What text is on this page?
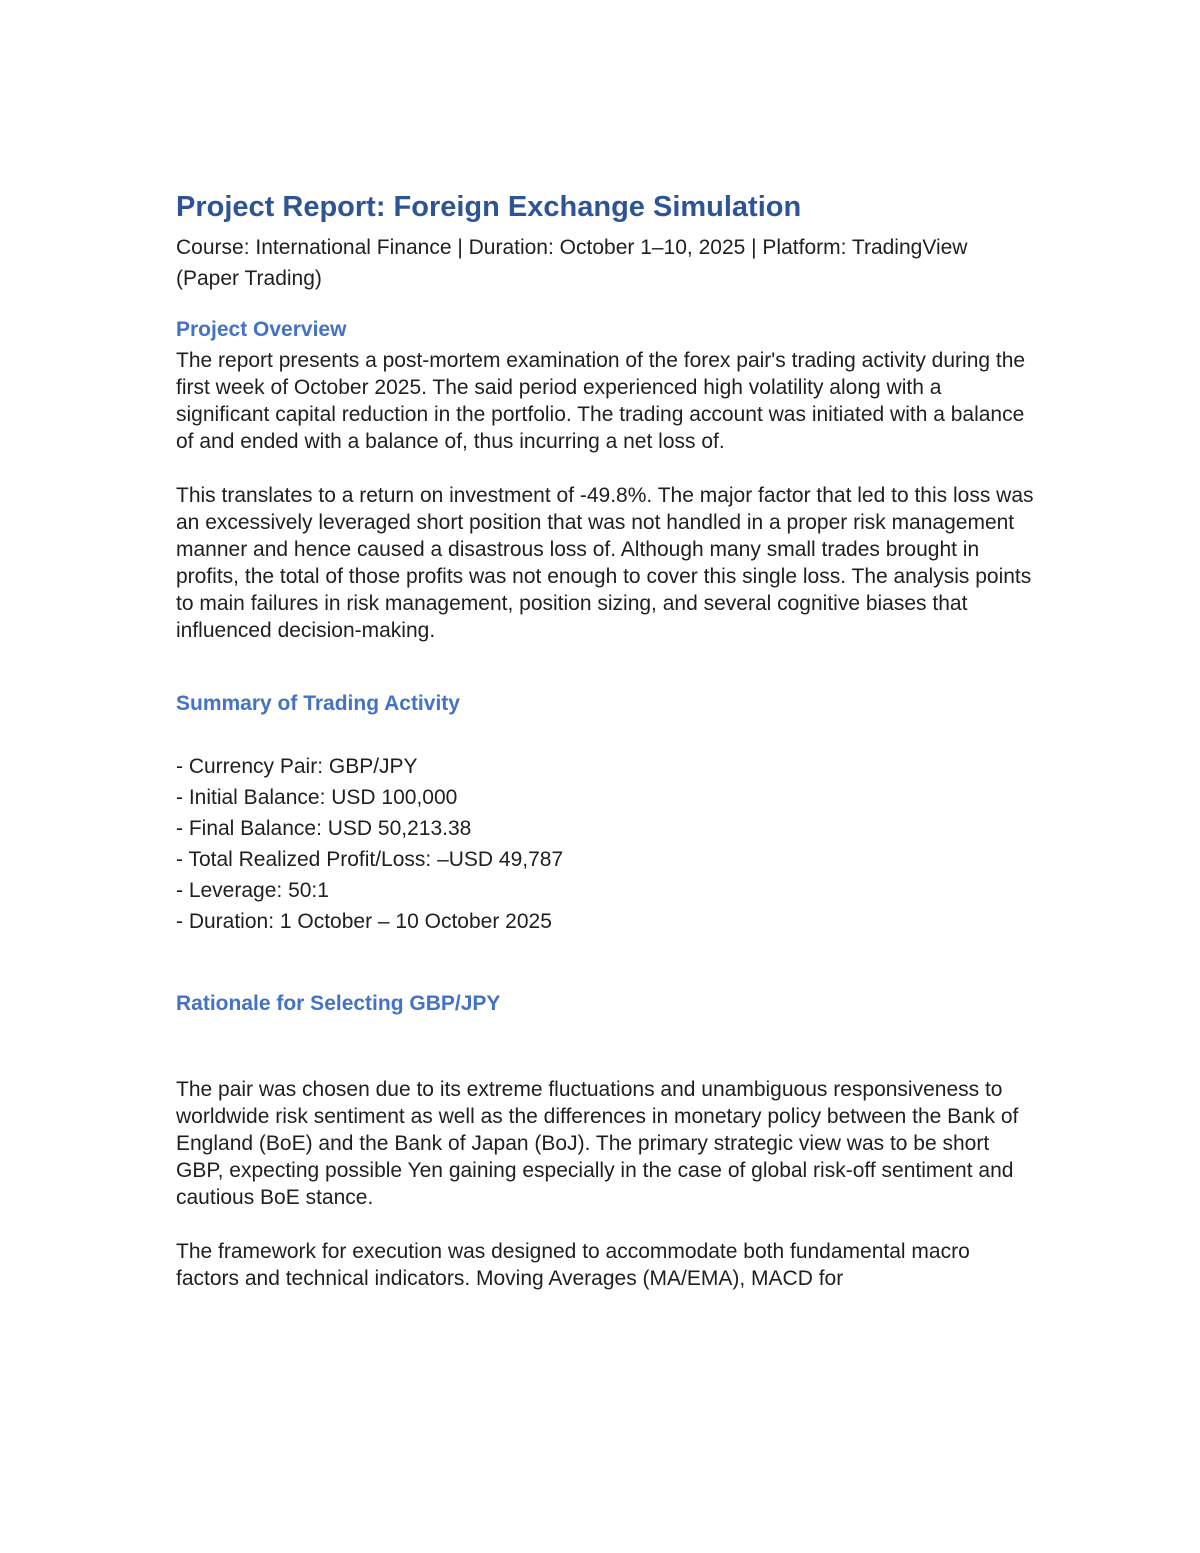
Project Report: Foreign Exchange Simulation

Course: International Finance | Duration: October 1–10, 2025 | Platform: TradingView (Paper Trading)

Project Overview

The report presents a post-mortem examination of the forex pair's trading activity during the first week of October 2025. The said period experienced high volatility along with a significant capital reduction in the portfolio. The trading account was initiated with a balance of and ended with a balance of, thus incurring a net loss of.

This translates to a return on investment of -49.8%. The major factor that led to this loss was an excessively leveraged short position that was not handled in a proper risk management manner and hence caused a disastrous loss of. Although many small trades brought in profits, the total of those profits was not enough to cover this single loss. The analysis points to main failures in risk management, position sizing, and several cognitive biases that influenced decision-making.

Summary of Trading Activity
- Currency Pair: GBP/JPY
- Initial Balance: USD 100,000
- Final Balance: USD 50,213.38
- Total Realized Profit/Loss: –USD 49,787
- Leverage: 50:1
- Duration: 1 October – 10 October 2025
Rationale for Selecting GBP/JPY

The pair was chosen due to its extreme fluctuations and unambiguous responsiveness to worldwide risk sentiment as well as the differences in monetary policy between the Bank of England (BoE) and the Bank of Japan (BoJ). The primary strategic view was to be short GBP, expecting possible Yen gaining especially in the case of global risk-off sentiment and cautious BoE stance.

The framework for execution was designed to accommodate both fundamental macro factors and technical indicators. Moving Averages (MA/EMA), MACD for
